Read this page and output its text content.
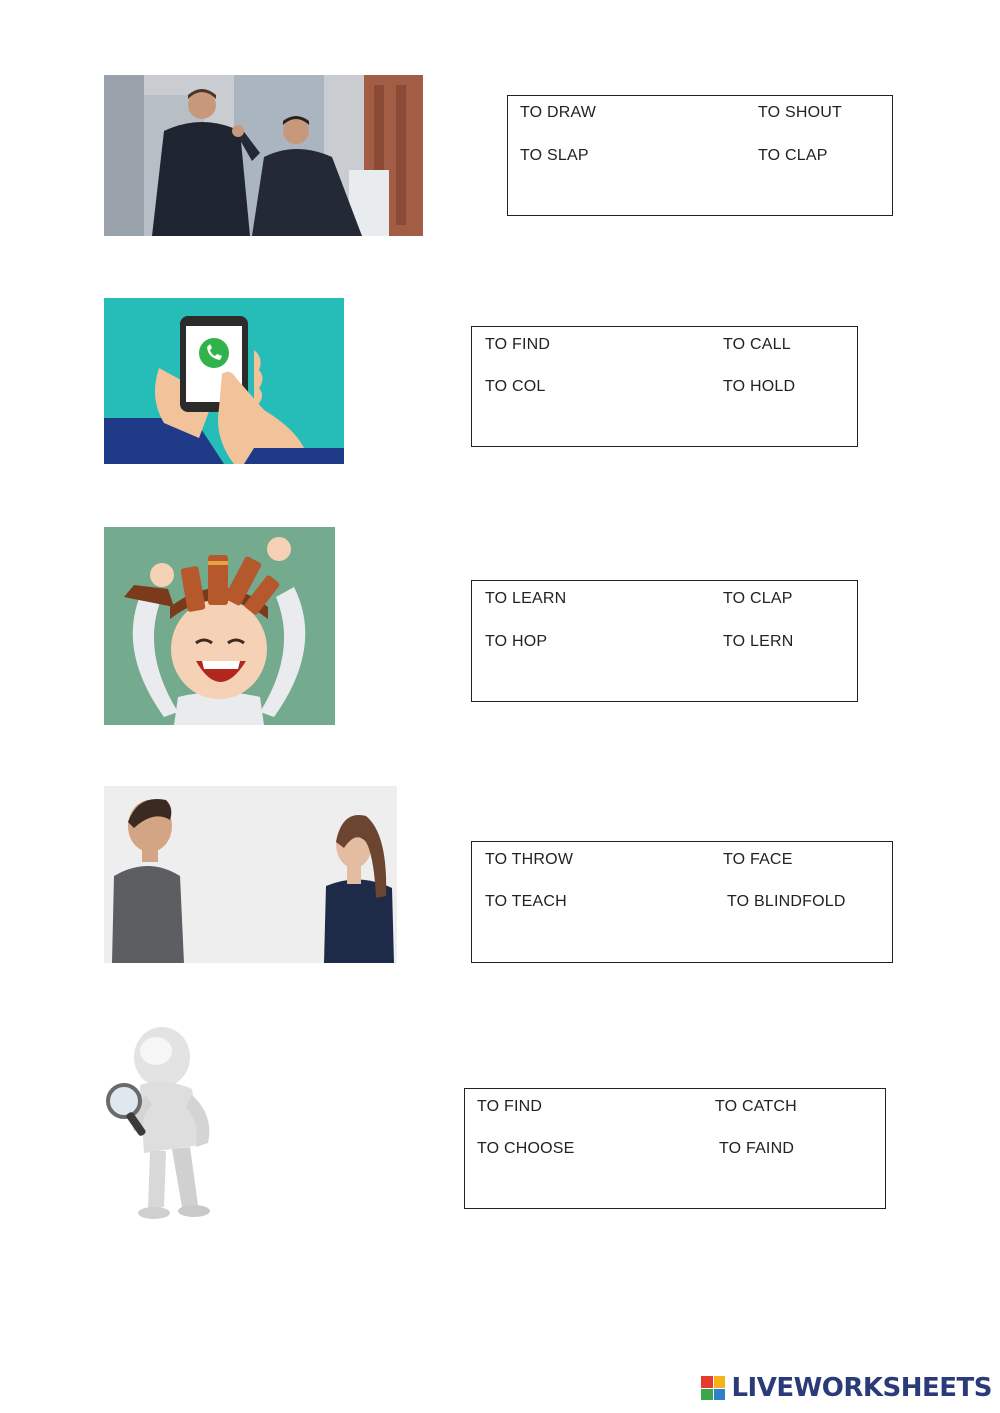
TO DRAW	TO SHOUT
TO SLAP	TO CLAP
TO FIND	TO CALL
TO COL	TO HOLD
TO LEARN	TO CLAP
TO HOP	TO LERN
TO THROW	TO FACE
TO TEACH	TO BLINDFOLD
TO FIND	TO CATCH
TO CHOOSE	TO FAIND
LIVEWORKSHEETS
